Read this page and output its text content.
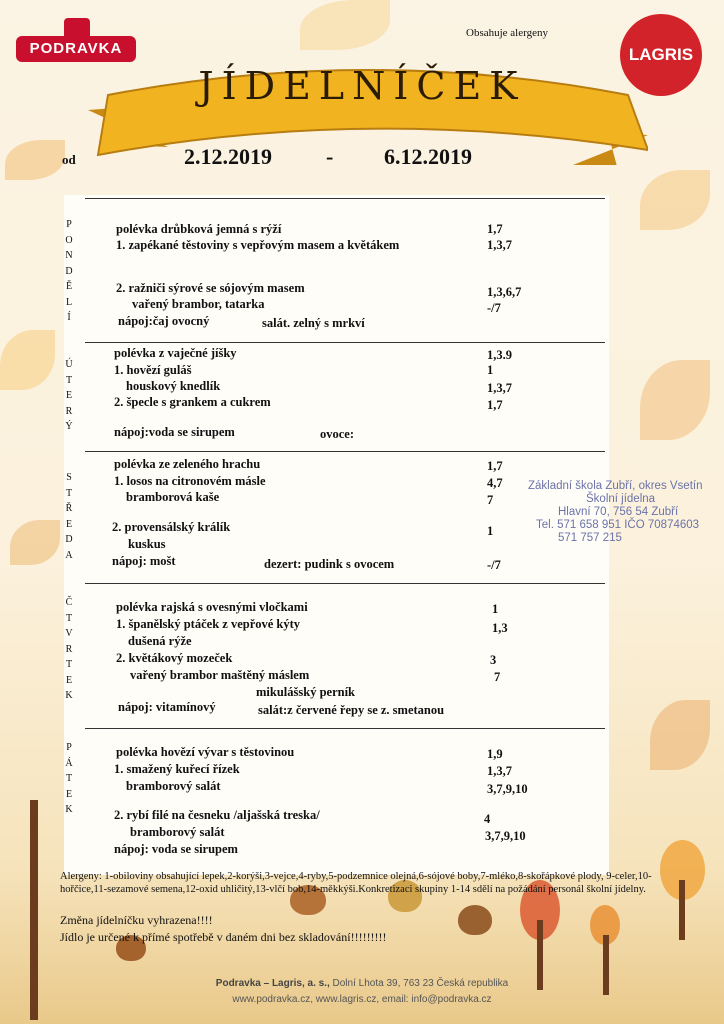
PODRAVKA	LAGRIS
Obsahuje alergeny
JÍDELNÍČEK
od	2.12.2019 - 6.12.2019
P
O
N
D
Ě
L
Í
polévka drůbková jemná s rýží	1,7
1. zapékané těstoviny s vepřovým masem a květákem	1,3,7
2. ražniči sýrové se sójovým masem	1,3,6,7
vařený brambor, tatarka	-/7
nápoj:čaj ovocný	salát. zelný s mrkví
Ú
T
E
R
Ý
polévka z vaječné jíšky	1,3.9
1. hovězí guláš	1
houskový knedlík	1,3,7
2. špecle s grankem a cukrem	1,7
nápoj:voda se sirupem	ovoce:
S
T
Ř
E
D
A
polévka ze zeleného hrachu	1,7
1. losos na citronovém másle	4,7
bramborová kaše	7
2. provensálský králík	1
kuskus
nápoj: mošt	dezert: pudink s ovocem	-/7
Č
T
V
R
T
E
K
polévka rajská s ovesnými vločkami	1
1. španělský ptáček z vepřové kýty	1,3
dušená rýže
2. květákový mozeček	3
vařený brambor maštěný máslem	7
mikulášský perník
nápoj: vitamínový	salát:z červené řepy se z. smetanou
P
Á
T
E
K
polévka hovězí vývar s těstovinou	1,9
1. smažený kuřecí řízek	1,3,7
bramborový salát	3,7,9,10
2. rybí filé na česneku /aljašská treska/	4
bramborový salát	3,7,9,10
nápoj: voda se sirupem
Základní škola Zubří, okres Vsetín
Školní jídelna
Hlavní 70, 756 54 Zubří
Tel. 571 658 951 IČO 70874603
571 757 215
Alergeny: 1-obiloviny obsahující lepek,2-korýši,3-vejce,4-ryby,5-podzemnice olejná,6-sójové boby,7-mléko,8-skořápkové plody, 9-celer,10-hořčice,11-sezamové semena,12-oxid uhličitý,13-vlčí bob,14-měkkýši.Konkretizaci skupiny 1-14 sdělí na požádání personál školní jídelny.
Změna jídelníčku vyhrazena!!!!
Jídlo je určené k přímé spotřebě v daném dni bez skladování!!!!!!!!!
Podravka – Lagris, a. s., Dolní Lhota 39, 763 23 Česká republika
www.podravka.cz, www.lagris.cz, email: info@podravka.cz
